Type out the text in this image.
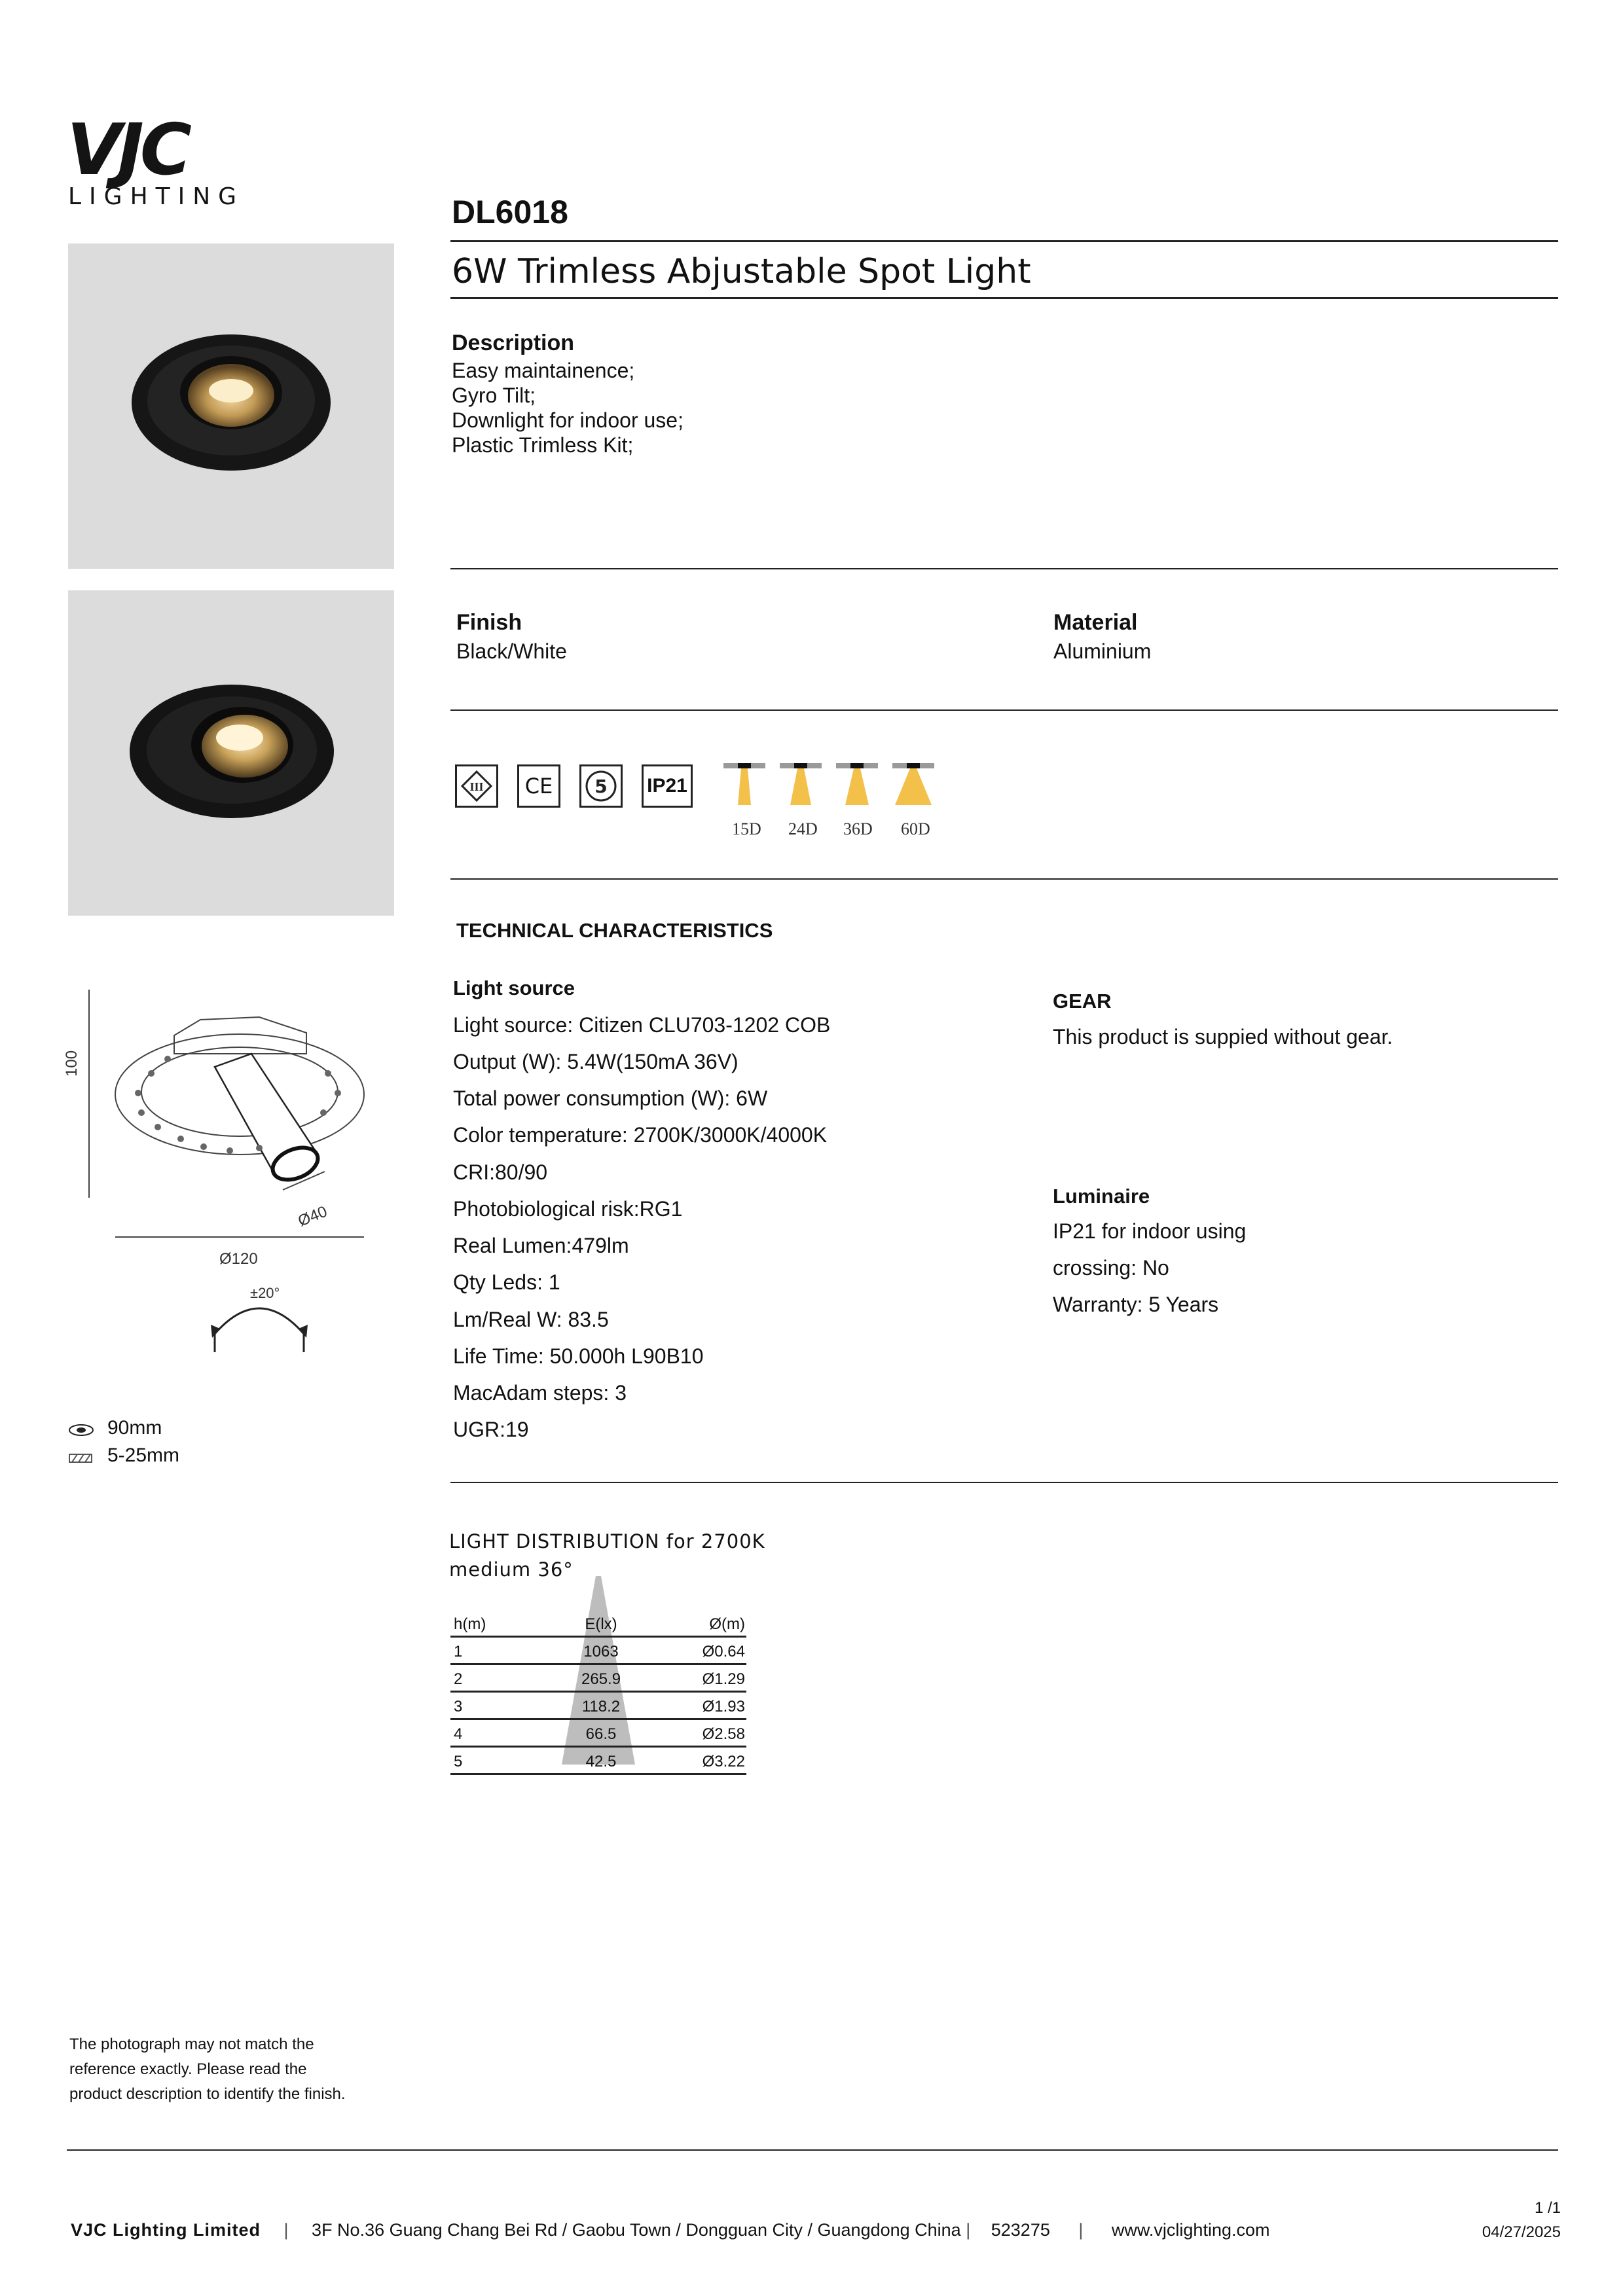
VJC
LIGHTING	DL6018
6W Trimless Abjustable Spot Light
Description
Easy maintainence;
Gyro Tilt;
Downlight for indoor use;
Plastic Trimless Kit;
Finish
Black/White
Material
Aluminium
III	CE	5 IP21
15D 24D 36D 60D
TECHNICAL CHARACTERISTICS
Light source
Light source: Citizen CLU703-1202 COB
Output (W): 5.4W(150mA 36V)
Total power consumption (W): 6W
Color temperature: 2700K/3000K/4000K
CRI:80/90
Photobiological risk:RG1
Real Lumen:479lm
Qty Leds: 1
Lm/Real W: 83.5
Life Time: 50.000h L90B10
MacAdam steps: 3
UGR:19
GEAR
This product is suppied without gear.
Luminaire
IP21 for indoor using
crossing: No
Warranty: 5 Years
100
Ø40
Ø120
±20°
90mm
5-25mm
LIGHT DISTRIBUTION for 2700K
medium 36°
h(m)	E(lx)	Ø(m)
1	1063	Ø0.64
2	265.9	Ø1.29
3	118.2	Ø1.93
4	66.5	Ø2.58
5	42.5	Ø3.22
The photograph may not match the
reference exactly. Please read the
product description to identify the finish.
VJC Lighting Limited | 3F No.36 Guang Chang Bei Rd / Gaobu Town / Dongguan City / Guangdong China | 523275 | www.vjclighting.com
1 /1
04/27/2025
